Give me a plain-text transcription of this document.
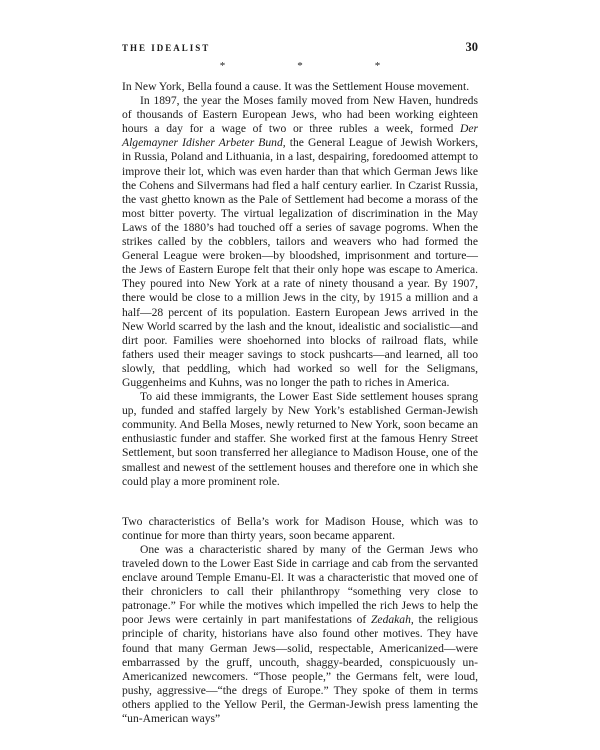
THE IDEALIST	30
*	*	*

In New York, Bella found a cause. It was the Settlement House movement.

In 1897, the year the Moses family moved from New Haven, hundreds of thousands of Eastern European Jews, who had been working eighteen hours a day for a wage of two or three rubles a week, formed Der Algemayner Idisher Arbeter Bund, the General League of Jewish Workers, in Russia, Poland and Lithuania, in a last, despairing, foredoomed attempt to improve their lot, which was even harder than that which German Jews like the Cohens and Silvermans had fled a half century earlier. In Czarist Russia, the vast ghetto known as the Pale of Settlement had become a morass of the most bitter poverty. The virtual legalization of discrimination in the May Laws of the 1880’s had touched off a series of savage pogroms. When the strikes called by the cobblers, tailors and weavers who had formed the General League were broken—by bloodshed, imprisonment and torture—the Jews of Eastern Europe felt that their only hope was escape to America. They poured into New York at a rate of ninety thousand a year. By 1907, there would be close to a million Jews in the city, by 1915 a million and a half—28 percent of its population. Eastern European Jews arrived in the New World scarred by the lash and the knout, idealistic and socialistic—and dirt poor. Families were shoehorned into blocks of railroad flats, while fathers used their meager savings to stock pushcarts—and learned, all too slowly, that peddling, which had worked so well for the Seligmans, Guggenheims and Kuhns, was no longer the path to riches in America.

To aid these immigrants, the Lower East Side settlement houses sprang up, funded and staffed largely by New York’s established German-Jewish community. And Bella Moses, newly returned to New York, soon became an enthusiastic funder and staffer. She worked first at the famous Henry Street Settlement, but soon transferred her allegiance to Madison House, one of the smallest and newest of the settlement houses and therefore one in which she could play a more prominent role.

Two characteristics of Bella’s work for Madison House, which was to continue for more than thirty years, soon became apparent.

One was a characteristic shared by many of the German Jews who traveled down to the Lower East Side in carriage and cab from the servanted enclave around Temple Emanu-El. It was a characteristic that moved one of their chroniclers to call their philanthropy “something very close to patronage.” For while the motives which impelled the rich Jews to help the poor Jews were certainly in part manifestations of Zedakah, the religious principle of charity, historians have also found other motives. They have found that many German Jews—solid, respectable, Americanized—were embarrassed by the gruff, uncouth, shaggy-bearded, conspicuously un-Americanized newcomers. “Those people,” the Germans felt, were loud, pushy, aggressive—“the dregs of Europe.” They spoke of them in terms others applied to the Yellow Peril, the German-Jewish press lamenting the “un-American ways”
